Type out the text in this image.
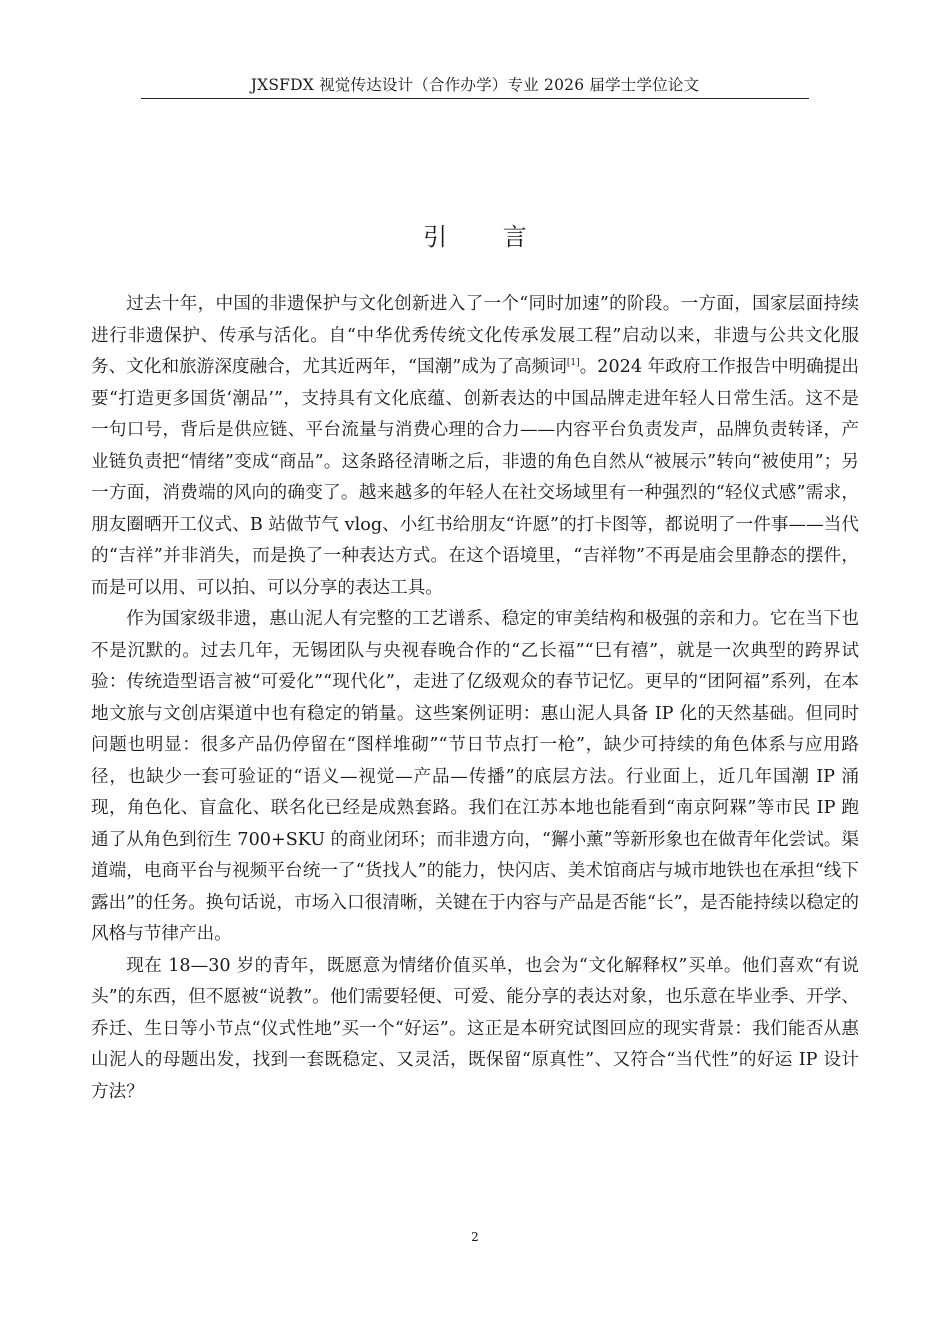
JXSFDX 视觉传达设计（合作办学）专业 2026 届学士学位论文
引 言

过去十年，中国的非遗保护与文化创新进入了一个“同时加速”的阶段。一方面，国家层面持续进行非遗保护、传承与活化。自“中华优秀传统文化传承发展工程”启动以来，非遗与公共文化服务、文化和旅游深度融合，尤其近两年，“国潮”成为了高频词[1]。2024 年政府工作报告中明确提出要“打造更多国货‘潮品’”，支持具有文化底蕴、创新表达的中国品牌走进年轻人日常生活。这不是一句口号，背后是供应链、平台流量与消费心理的合力——内容平台负责发声，品牌负责转译，产业链负责把“情绪”变成“商品”。这条路径清晰之后，非遗的角色自然从“被展示”转向“被使用”；另一方面，消费端的风向的确变了。越来越多的年轻人在社交场域里有一种强烈的“轻仪式感”需求，朋友圈晒开工仪式、B 站做节气 vlog、小红书给朋友“许愿”的打卡图等，都说明了一件事——当代的“吉祥”并非消失，而是换了一种表达方式。在这个语境里，“吉祥物”不再是庙会里静态的摆件，而是可以用、可以拍、可以分享的表达工具。

作为国家级非遗，惠山泥人有完整的工艺谱系、稳定的审美结构和极强的亲和力。它在当下也不是沉默的。过去几年，无锡团队与央视春晚合作的“乙长福”“巳有禧”，就是一次典型的跨界试验：传统造型语言被“可爱化”“现代化”，走进了亿级观众的春节记忆。更早的“团阿福”系列，在本地文旅与文创店渠道中也有稳定的销量。这些案例证明：惠山泥人具备 IP 化的天然基础。但同时问题也明显：很多产品仍停留在“图样堆砌”“节日节点打一枪”，缺少可持续的角色体系与应用路径，也缺少一套可验证的“语义—视觉—产品—传播”的底层方法。行业面上，近几年国潮 IP 涌现，角色化、盲盒化、联名化已经是成熟套路。我们在江苏本地也能看到“南京阿槑”等市民 IP 跑通了从角色到衍生 700+SKU 的商业闭环；而非遗方向，“獬小薰”等新形象也在做青年化尝试。渠道端，电商平台与视频平台统一了“货找人”的能力，快闪店、美术馆商店与城市地铁也在承担“线下露出”的任务。换句话说，市场入口很清晰，关键在于内容与产品是否能“长”，是否能持续以稳定的风格与节律产出。

现在 18—30 岁的青年，既愿意为情绪价值买单，也会为“文化解释权”买单。他们喜欢“有说头”的东西，但不愿被“说教”。他们需要轻便、可爱、能分享的表达对象，也乐意在毕业季、开学、乔迁、生日等小节点“仪式性地”买一个“好运”。这正是本研究试图回应的现实背景：我们能否从惠山泥人的母题出发，找到一套既稳定、又灵活，既保留“原真性”、又符合“当代性”的好运 IP 设计方法？

2
